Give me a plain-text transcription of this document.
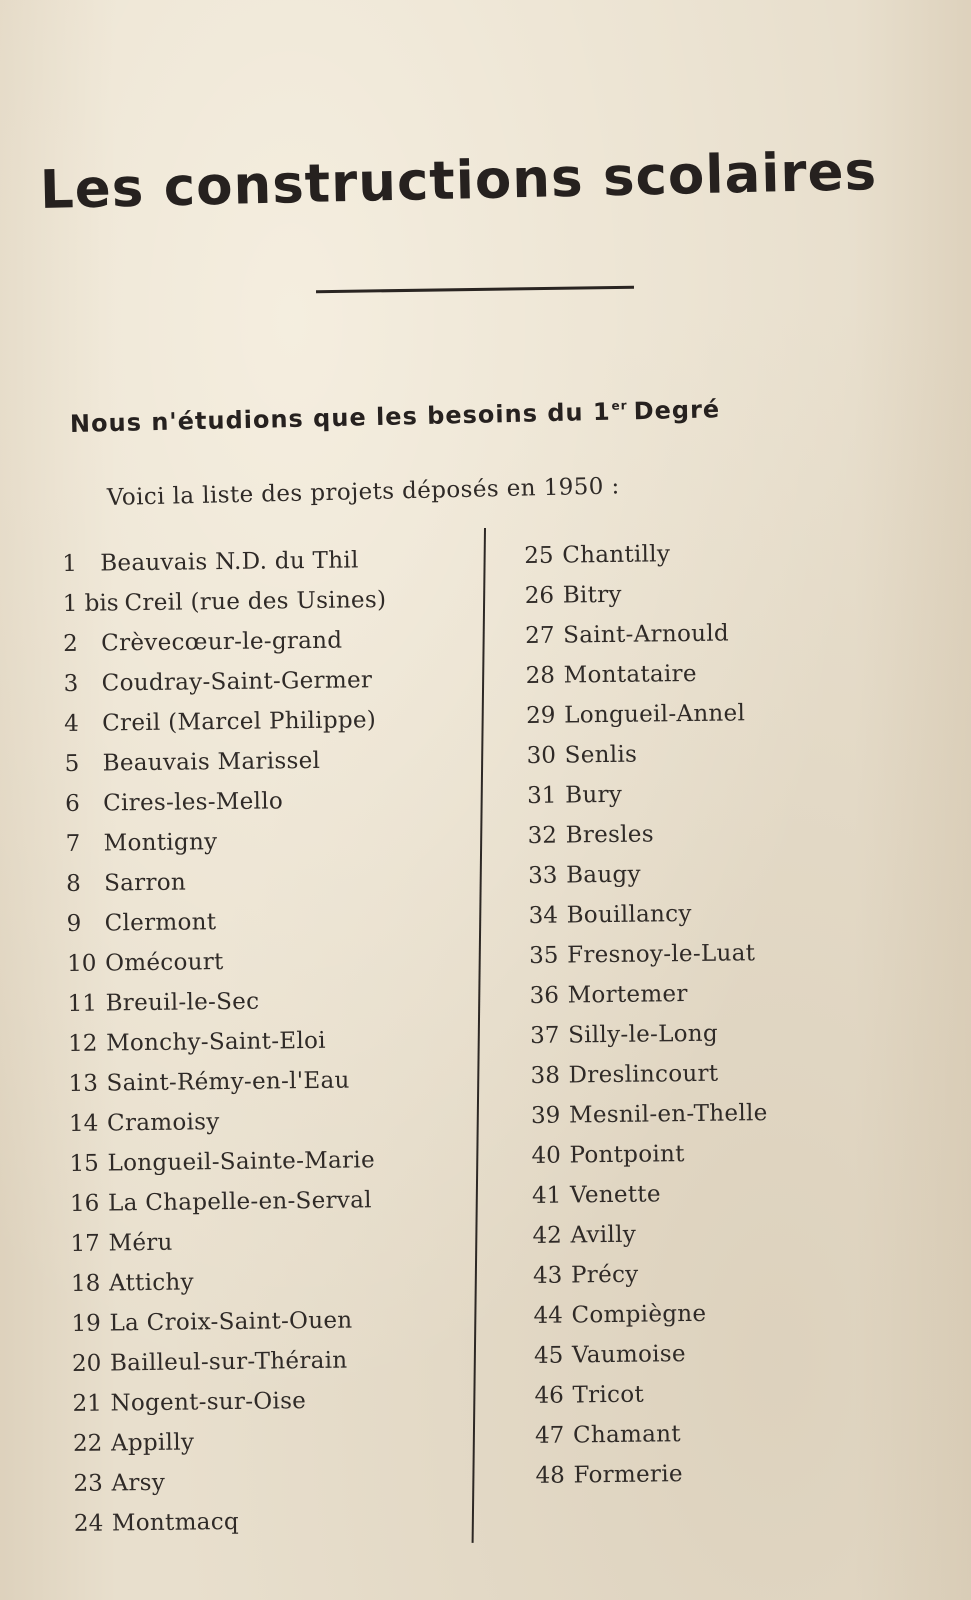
Les constructions scolaires
Nous n'étudions que les besoins du 1er Degré

Voici la liste des projets déposés en 1950 :

1 Beauvais N.D. du Thil
1 bis Creil (rue des Usines)
2 Crèvecœur-le-grand
3 Coudray-Saint-Germer
4 Creil (Marcel Philippe)
5 Beauvais Marissel
6 Cires-les-Mello
7 Montigny
8 Sarron
9 Clermont
10 Omécourt
11 Breuil-le-Sec
12 Monchy-Saint-Eloi
13 Saint-Rémy-en-l'Eau
14 Cramoisy
15 Longueil-Sainte-Marie
16 La Chapelle-en-Serval
17 Méru
18 Attichy
19 La Croix-Saint-Ouen
20 Bailleul-sur-Thérain
21 Nogent-sur-Oise
22 Appilly
23 Arsy
24 Montmacq
25 Chantilly
26 Bitry
27 Saint-Arnould
28 Montataire
29 Longueil-Annel
30 Senlis
31 Bury
32 Bresles
33 Baugy
34 Bouillancy
35 Fresnoy-le-Luat
36 Mortemer
37 Silly-le-Long
38 Dreslincourt
39 Mesnil-en-Thelle
40 Pontpoint
41 Venette
42 Avilly
43 Précy
44 Compiègne
45 Vaumoise
46 Tricot
47 Chamant
48 Formerie
